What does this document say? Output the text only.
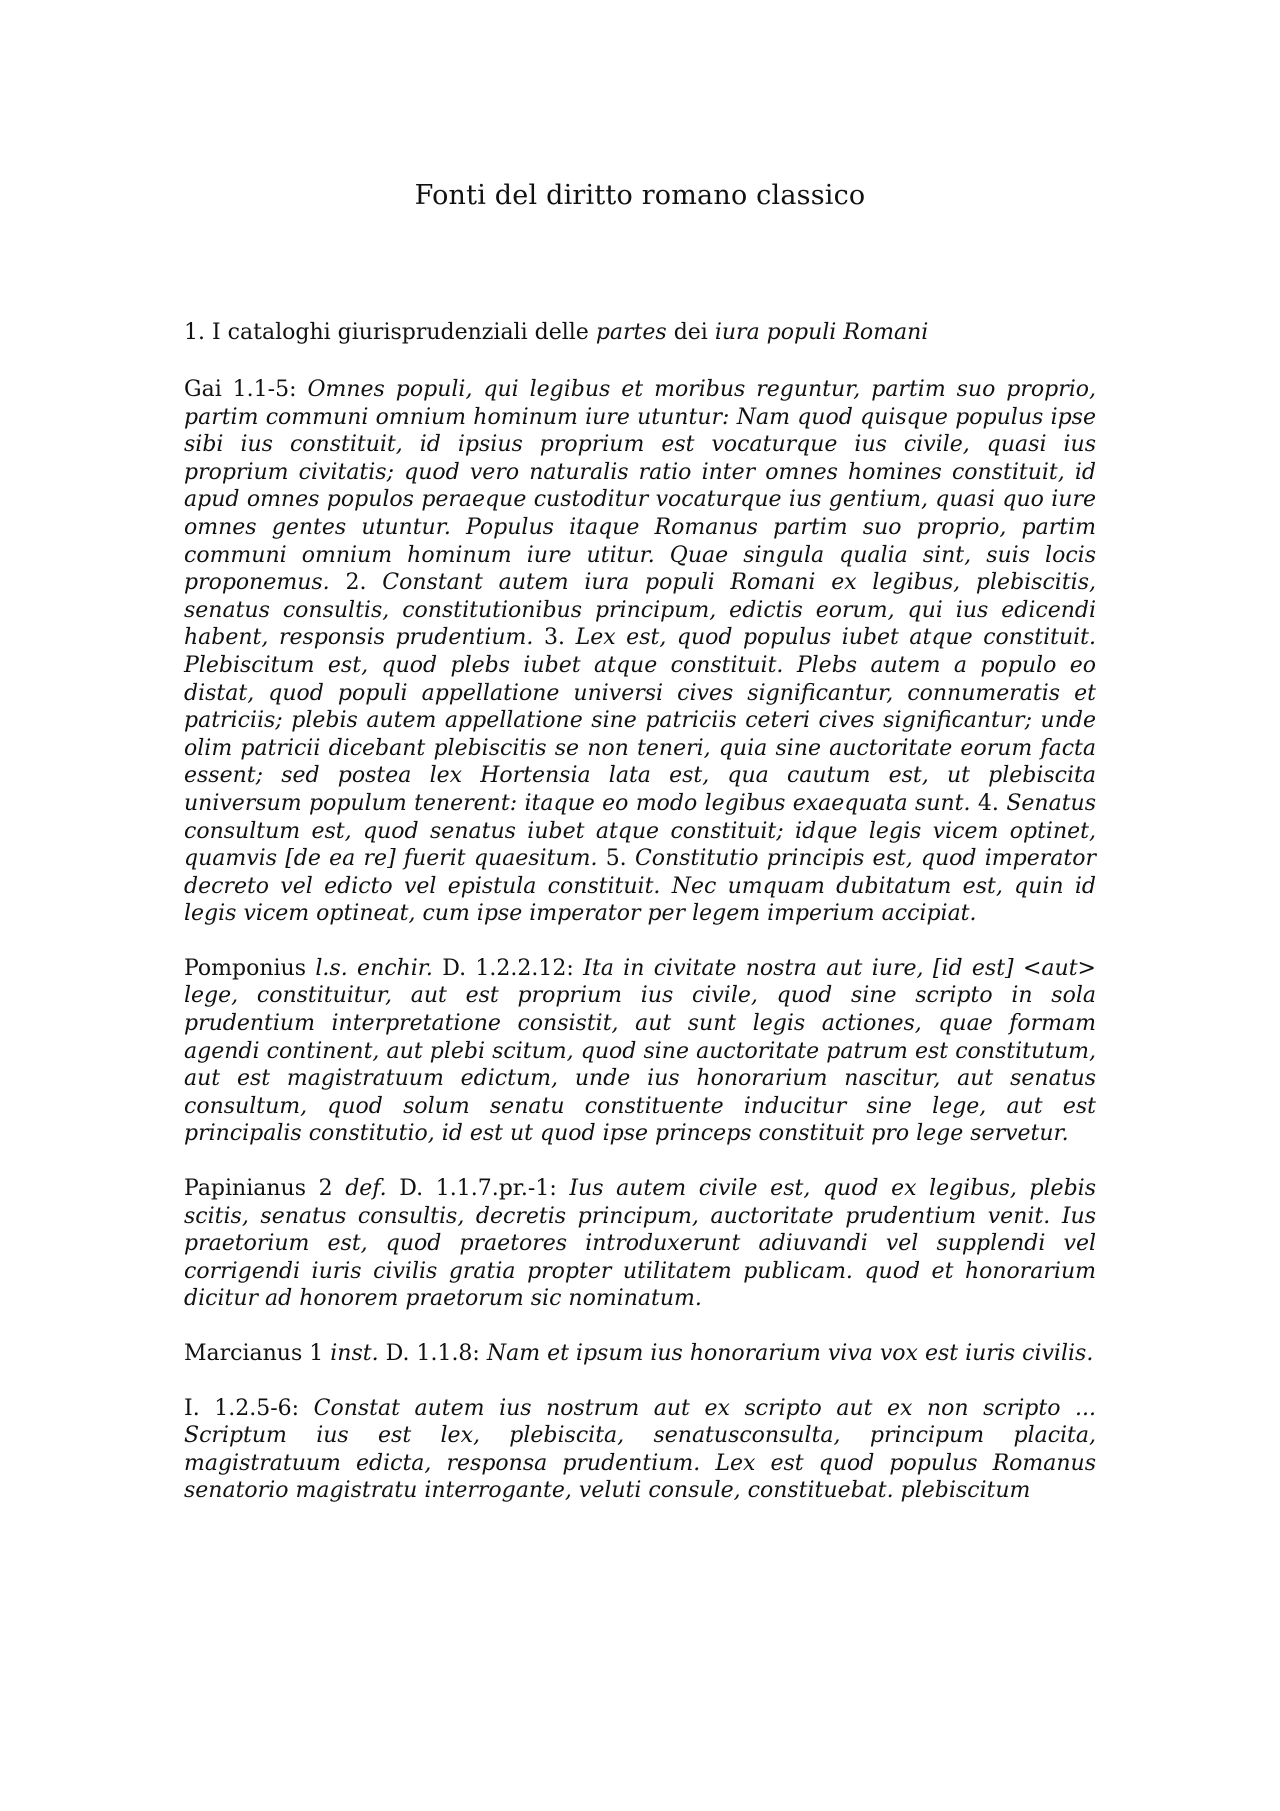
Fonti del diritto romano classico

1. I cataloghi giurisprudenziali delle partes dei iura populi Romani

Gai 1.1-5: Omnes populi, qui legibus et moribus reguntur, partim suo proprio, partim communi omnium hominum iure utuntur: Nam quod quisque populus ipse sibi ius constituit, id ipsius proprium est vocaturque ius civile, quasi ius proprium civitatis; quod vero naturalis ratio inter omnes homines constituit, id apud omnes populos peraeque custoditur vocaturque ius gentium, quasi quo iure omnes gentes utuntur. Populus itaque Romanus partim suo proprio, partim communi omnium hominum iure utitur. Quae singula qualia sint, suis locis proponemus. 2. Constant autem iura populi Romani ex legibus, plebiscitis, senatus consultis, constitutionibus principum, edictis eorum, qui ius edicendi habent, responsis prudentium. 3. Lex est, quod populus iubet atque constituit. Plebiscitum est, quod plebs iubet atque constituit. Plebs autem a populo eo distat, quod populi appellatione universi cives significantur, connumeratis et patriciis; plebis autem appellatione sine patriciis ceteri cives significantur; unde olim patricii dicebant plebiscitis se non teneri, quia sine auctoritate eorum facta essent; sed postea lex Hortensia lata est, qua cautum est, ut plebiscita universum populum tenerent: itaque eo modo legibus exaequata sunt. 4. Senatus consultum est, quod senatus iubet atque constituit; idque legis vicem optinet, quamvis [de ea re] fuerit quaesitum. 5. Constitutio principis est, quod imperator decreto vel edicto vel epistula constituit. Nec umquam dubitatum est, quin id legis vicem optineat, cum ipse imperator per legem imperium accipiat.

Pomponius l.s. enchir. D. 1.2.2.12: Ita in civitate nostra aut iure, [id est] <aut> lege, constituitur, aut est proprium ius civile, quod sine scripto in sola prudentium interpretatione consistit, aut sunt legis actiones, quae formam agendi continent, aut plebi scitum, quod sine auctoritate patrum est constitutum, aut est magistratuum edictum, unde ius honorarium nascitur, aut senatus consultum, quod solum senatu constituente inducitur sine lege, aut est principalis constitutio, id est ut quod ipse princeps constituit pro lege servetur.

Papinianus 2 def. D. 1.1.7.pr.-1: Ius autem civile est, quod ex legibus, plebis scitis, senatus consultis, decretis principum, auctoritate prudentium venit. Ius praetorium est, quod praetores introduxerunt adiuvandi vel supplendi vel corrigendi iuris civilis gratia propter utilitatem publicam. quod et honorarium dicitur ad honorem praetorum sic nominatum.

Marcianus 1 inst. D. 1.1.8: Nam et ipsum ius honorarium viva vox est iuris civilis.

I. 1.2.5-6: Constat autem ius nostrum aut ex scripto aut ex non scripto ... Scriptum ius est lex, plebiscita, senatusconsulta, principum placita, magistratuum edicta, responsa prudentium. Lex est quod populus Romanus senatorio magistratu interrogante, veluti consule, constituebat. plebiscitum
